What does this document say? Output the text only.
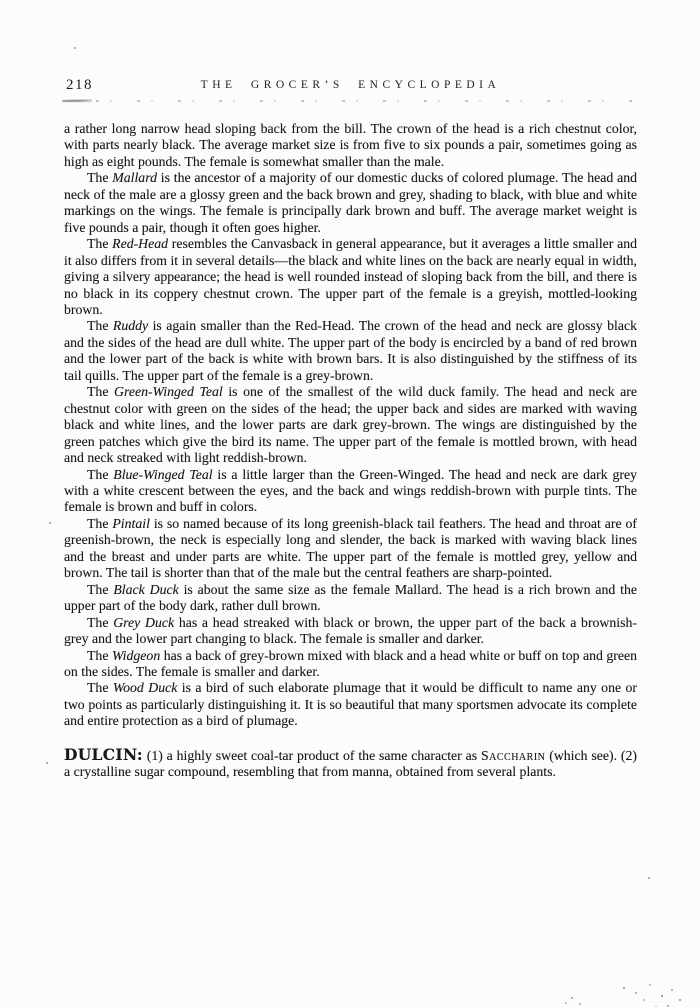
218	THE GROCER’S ENCYCLOPEDIA

a rather long narrow head sloping back from the bill. The crown of the head is a rich chestnut color, with parts nearly black. The average market size is from five to six pounds a pair, sometimes going as high as eight pounds. The female is somewhat smaller than the male.

The Mallard is the ancestor of a majority of our domestic ducks of colored plumage. The head and neck of the male are a glossy green and the back brown and grey, shading to black, with blue and white markings on the wings. The female is principally dark brown and buff. The average market weight is five pounds a pair, though it often goes higher.

The Red-Head resembles the Canvasback in general appearance, but it averages a little smaller and it also differs from it in several details—the black and white lines on the back are nearly equal in width, giving a silvery appearance; the head is well rounded instead of sloping back from the bill, and there is no black in its coppery chestnut crown. The upper part of the female is a greyish, mottled-looking brown.

The Ruddy is again smaller than the Red-Head. The crown of the head and neck are glossy black and the sides of the head are dull white. The upper part of the body is encircled by a band of red brown and the lower part of the back is white with brown bars. It is also distinguished by the stiffness of its tail quills. The upper part of the female is a grey-brown.

The Green-Winged Teal is one of the smallest of the wild duck family. The head and neck are chestnut color with green on the sides of the head; the upper back and sides are marked with waving black and white lines, and the lower parts are dark grey-brown. The wings are distinguished by the green patches which give the bird its name. The upper part of the female is mottled brown, with head and neck streaked with light reddish-brown.

The Blue-Winged Teal is a little larger than the Green-Winged. The head and neck are dark grey with a white crescent between the eyes, and the back and wings reddish-brown with purple tints. The female is brown and buff in colors.

The Pintail is so named because of its long greenish-black tail feathers. The head and throat are of greenish-brown, the neck is especially long and slender, the back is marked with waving black lines and the breast and under parts are white. The upper part of the female is mottled grey, yellow and brown. The tail is shorter than that of the male but the central feathers are sharp-pointed.

The Black Duck is about the same size as the female Mallard. The head is a rich brown and the upper part of the body dark, rather dull brown.

The Grey Duck has a head streaked with black or brown, the upper part of the back a brownish-grey and the lower part changing to black. The female is smaller and darker.

The Widgeon has a back of grey-brown mixed with black and a head white or buff on top and green on the sides. The female is smaller and darker.

The Wood Duck is a bird of such elaborate plumage that it would be difficult to name any one or two points as particularly distinguishing it. It is so beautiful that many sportsmen advocate its complete and entire protection as a bird of plumage.

DULCIN: (1) a highly sweet coal-tar product of the same character as Saccharin (which see). (2) a crystalline sugar compound, resembling that from manna, obtained from several plants.
